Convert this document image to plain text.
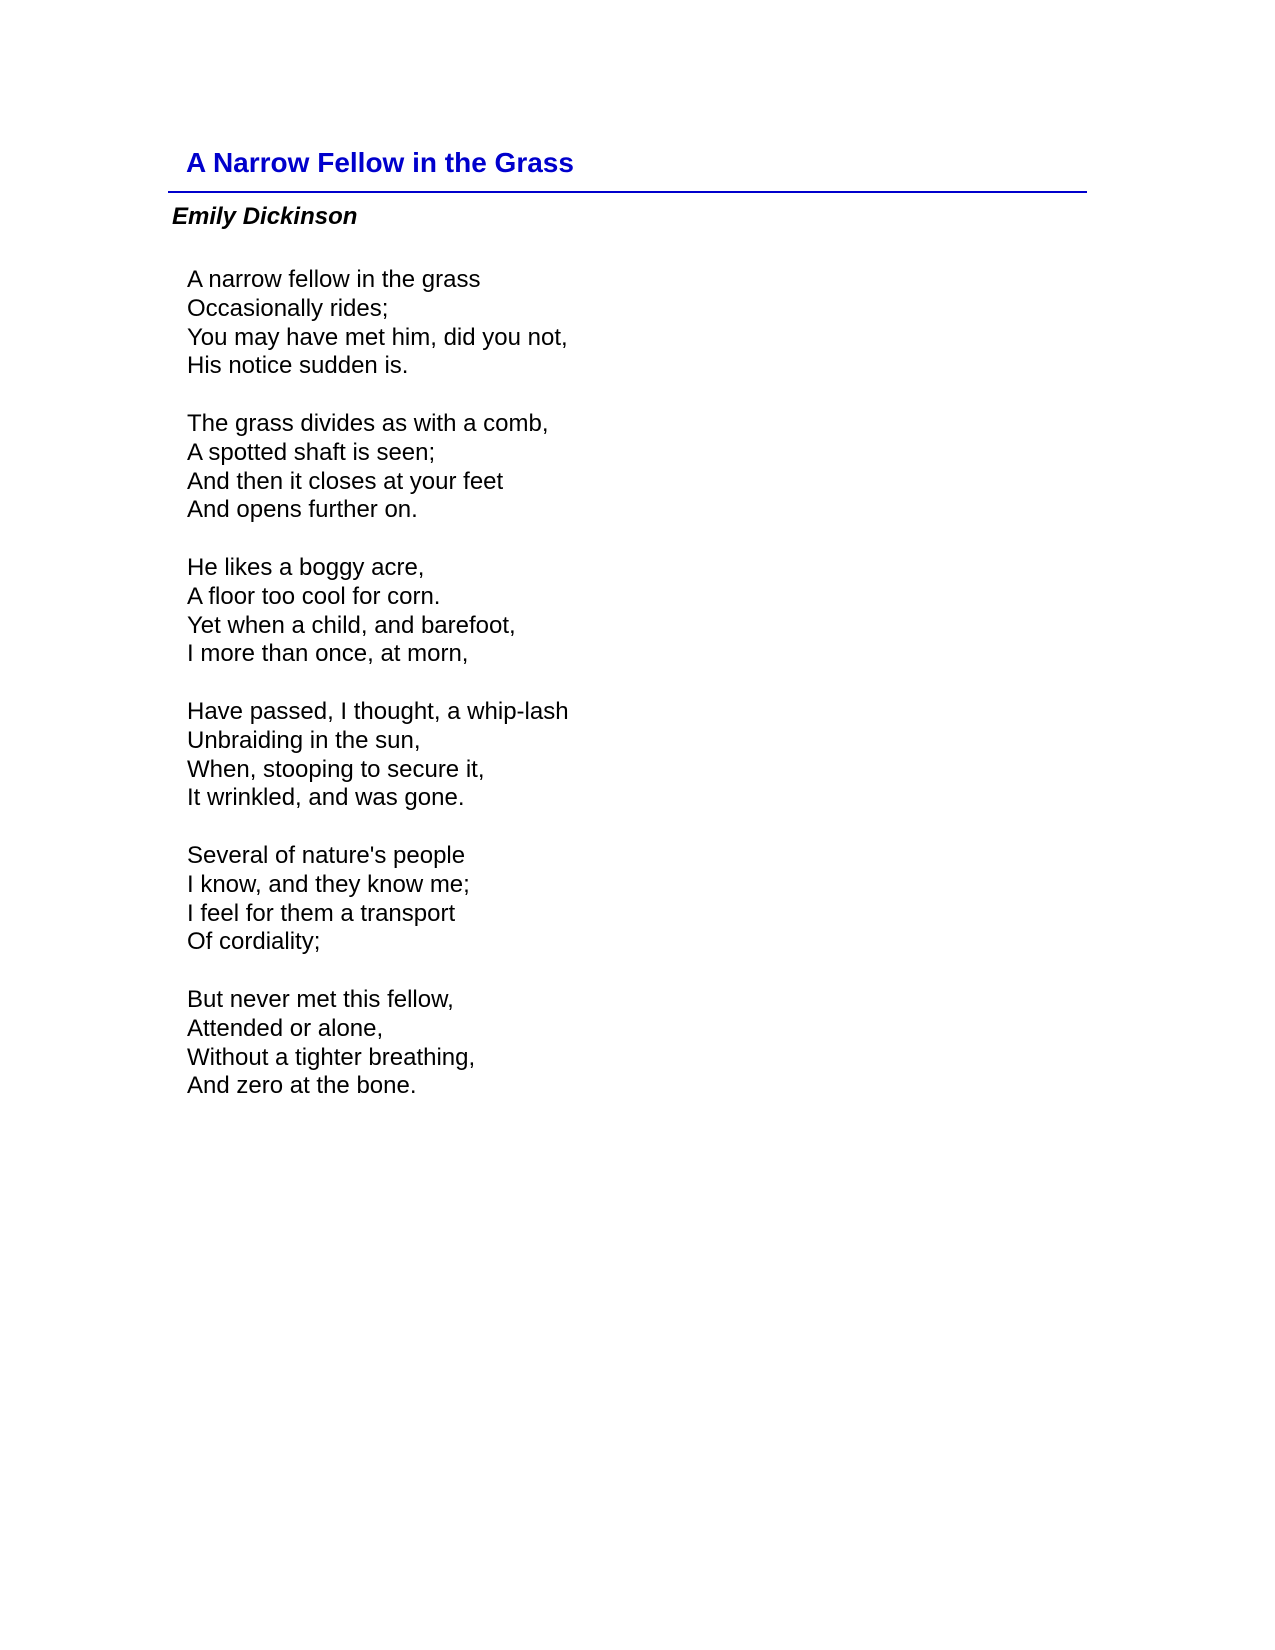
A Narrow Fellow in the Grass
Emily Dickinson
A narrow fellow in the grass
Occasionally rides;
You may have met him, did you not,
His notice sudden is.
The grass divides as with a comb,
A spotted shaft is seen;
And then it closes at your feet
And opens further on.
He likes a boggy acre,
A floor too cool for corn.
Yet when a child, and barefoot,
I more than once, at morn,
Have passed, I thought, a whip-lash
Unbraiding in the sun,
When, stooping to secure it,
It wrinkled, and was gone.
Several of nature's people
I know, and they know me;
I feel for them a transport
Of cordiality;
But never met this fellow,
Attended or alone,
Without a tighter breathing,
And zero at the bone.
